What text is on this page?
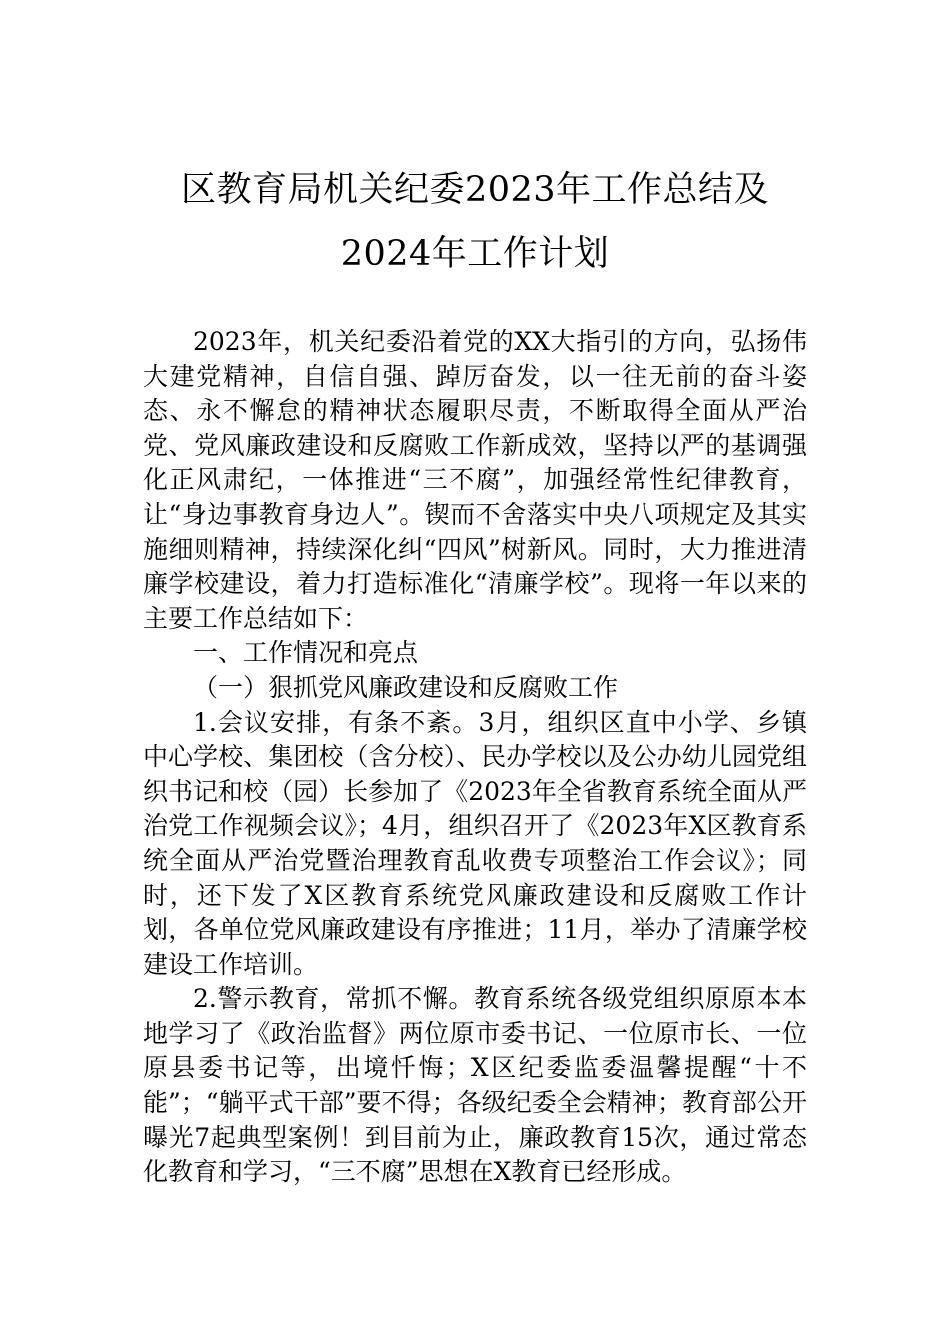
区教育局机关纪委2023年工作总结及2024年工作计划

2023年，机关纪委沿着党的XX大指引的方向，弘扬伟大建党精神，自信自强、踔厉奋发，以一往无前的奋斗姿态、永不懈怠的精神状态履职尽责，不断取得全面从严治党、党风廉政建设和反腐败工作新成效，坚持以严的基调强化正风肃纪，一体推进“三不腐”，加强经常性纪律教育，让“身边事教育身边人”。锲而不舍落实中央八项规定及其实施细则精神，持续深化纠“四风”树新风。同时，大力推进清廉学校建设，着力打造标准化“清廉学校”。现将一年以来的主要工作总结如下：

一、工作情况和亮点

（一）狠抓党风廉政建设和反腐败工作

1.会议安排，有条不紊。3月，组织区直中小学、乡镇中心学校、集团校（含分校）、民办学校以及公办幼儿园党组织书记和校（园）长参加了《2023年全省教育系统全面从严治党工作视频会议》；4月，组织召开了《2023年X区教育系统全面从严治党暨治理教育乱收费专项整治工作会议》；同时，还下发了X区教育系统党风廉政建设和反腐败工作计划，各单位党风廉政建设有序推进；11月，举办了清廉学校建设工作培训。

2.警示教育，常抓不懈。教育系统各级党组织原原本本地学习了《政治监督》两位原市委书记、一位原市长、一位原县委书记等，出境忏悔；X区纪委监委温馨提醒“十不能”；“躺平式干部”要不得；各级纪委全会精神；教育部公开曝光7起典型案例！到目前为止，廉政教育15次，通过常态化教育和学习，“三不腐”思想在X教育已经形成。
